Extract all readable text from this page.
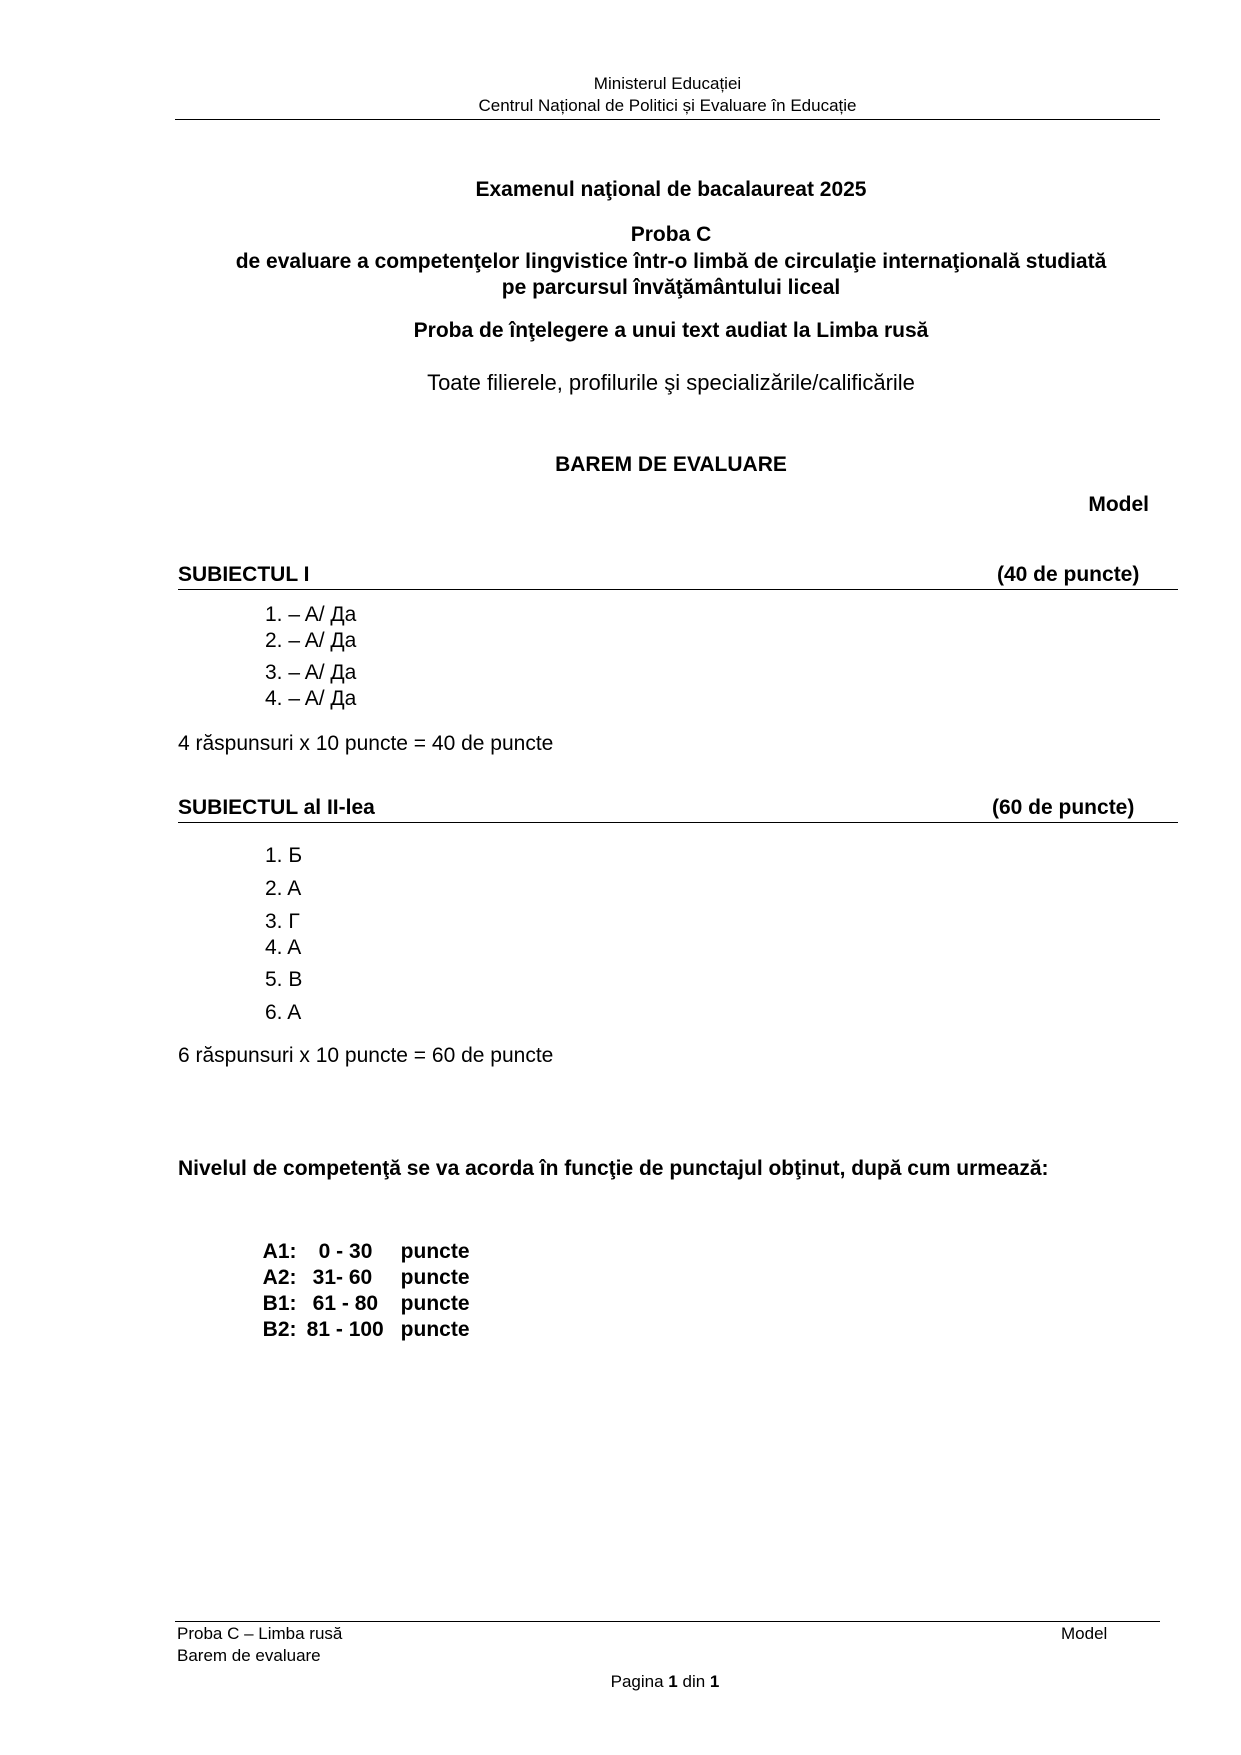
Ministerul Educației
Centrul Național de Politici și Evaluare în Educație
Examenul naţional de bacalaureat 2025
Proba C
de evaluare a competenţelor lingvistice într-o limbă de circulaţie internaţională studiată
pe parcursul învăţământului liceal
Proba de înţelegere a unui text audiat la Limba rusă
Toate filierele, profilurile şi specializările/calificările
BAREM DE EVALUARE
Model
SUBIECTUL I	(40 de puncte)
1. – A/ Да
2. – A/ Да
3. – A/ Да
4. – A/ Да
4 răspunsuri x 10 puncte = 40 de puncte
SUBIECTUL al II-lea	(60 de puncte)
1. Б
2. A
3. Г
4. A
5. B
6. A
6 răspunsuri x 10 puncte = 60 de puncte
Nivelul de competenţă se va acorda în funcţie de punctajul obţinut, după cum urmează:

A1: 0 - 30 puncte

A2: 31- 60 puncte

B1: 61 - 80 puncte

B2: 81 - 100 puncte

Proba C – Limba rusă
Barem de evaluare
Model
Pagina 1 din 1
